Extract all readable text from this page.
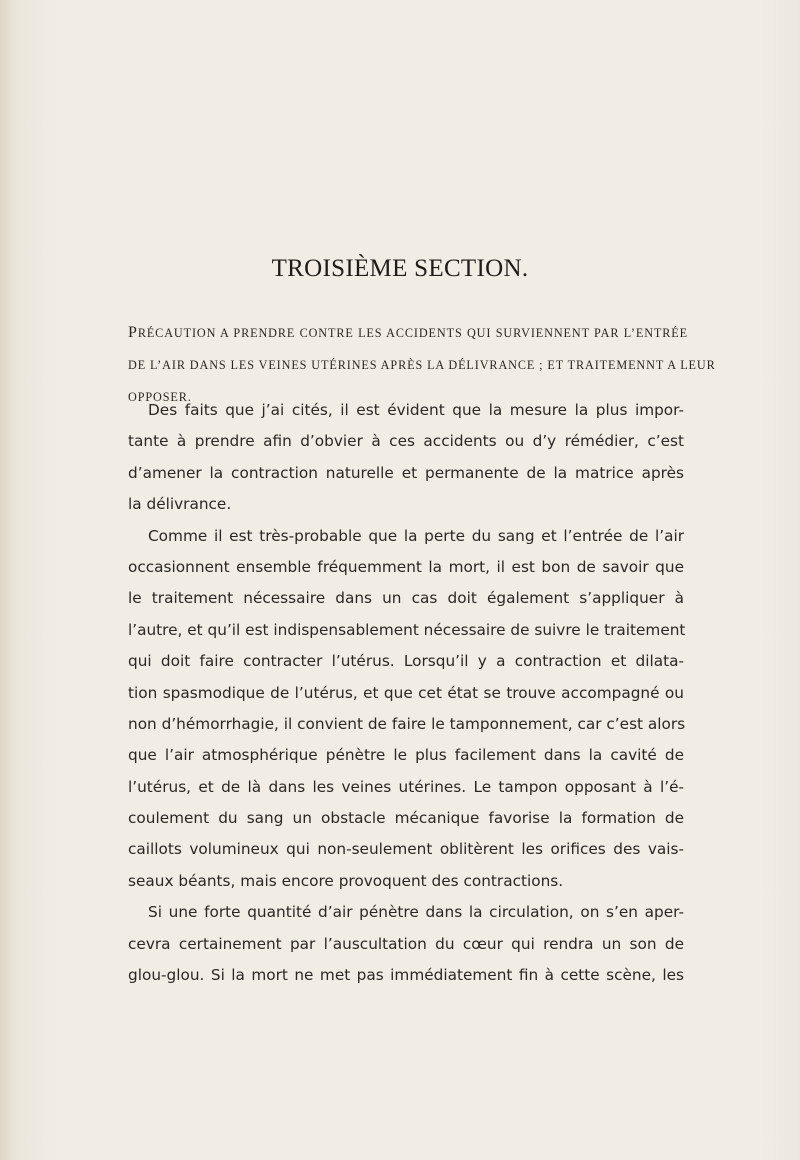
TROISIÈME SECTION.
PRÉCAUTION A PRENDRE CONTRE LES ACCIDENTS QUI SURVIENNENT PAR L’ENTRÉE
DE L’AIR DANS LES VEINES UTÉRINES APRÈS LA DÉLIVRANCE ; ET TRAITEMENNT A LEUR
OPPOSER.
Des faits que j’ai cités, il est évident que la mesure la plus impor-
tante à prendre afin d’obvier à ces accidents ou d’y rémédier, c’est
d’amener la contraction naturelle et permanente de la matrice après
la délivrance.
Comme il est très-probable que la perte du sang et l’entrée de l’air
occasionnent ensemble fréquemment la mort, il est bon de savoir que
le traitement nécessaire dans un cas doit également s’appliquer à
l’autre, et qu’il est indispensablement nécessaire de suivre le traitement
qui doit faire contracter l’utérus. Lorsqu’il y a contraction et dilata-
tion spasmodique de l’utérus, et que cet état se trouve accompagné ou
non d’hémorrhagie, il convient de faire le tamponnement, car c’est alors
que l’air atmosphérique pénètre le plus facilement dans la cavité de
l’utérus, et de là dans les veines utérines. Le tampon opposant à l’é-
coulement du sang un obstacle mécanique favorise la formation de
caillots volumineux qui non-seulement oblitèrent les orifices des vais-
seaux béants, mais encore provoquent des contractions.
Si une forte quantité d’air pénètre dans la circulation, on s’en aper-
cevra certainement par l’auscultation du cœur qui rendra un son de
glou-glou. Si la mort ne met pas immédiatement fin à cette scène, les
